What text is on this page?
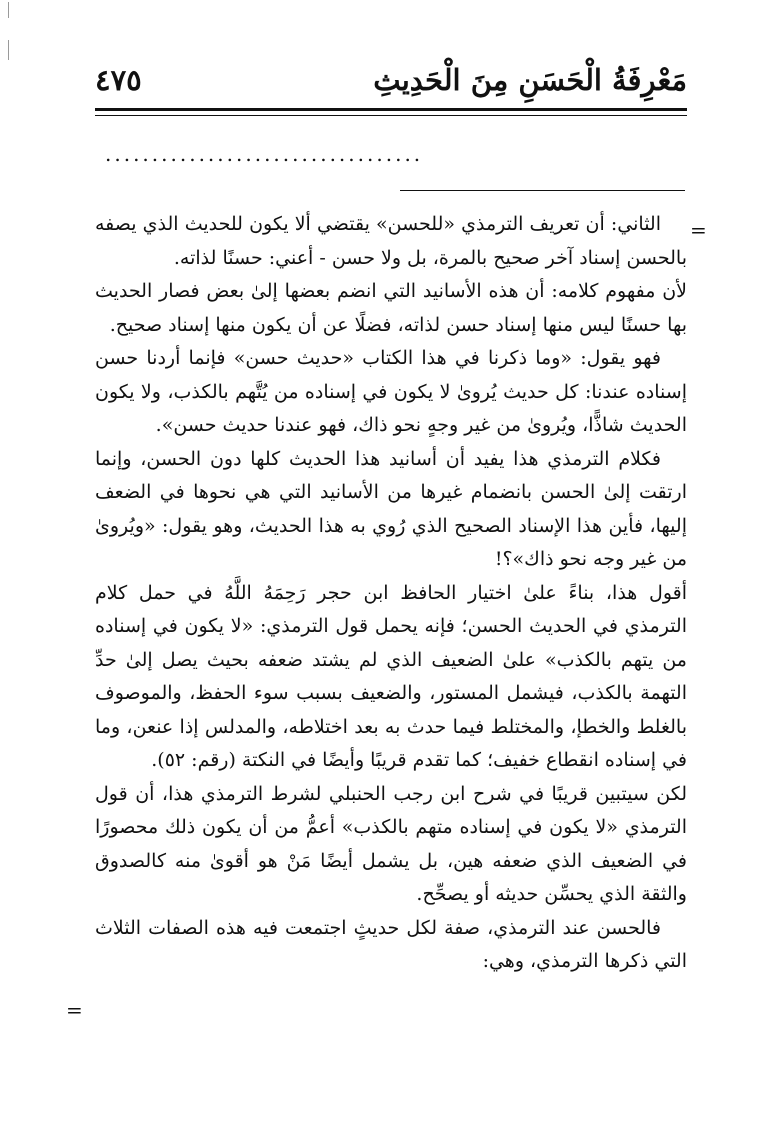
مَعْرِفَةُ الْحَسَنِ مِنَ الْحَدِيثِ
٤٧٥
..................................
=
=

الثاني: أن تعريف الترمذي «للحسن» يقتضي ألا يكون للحديث الذي يصفه بالحسن إسناد آخر صحيح بالمرة، بل ولا حسن - أعني: حسنًا لذاته.

لأن مفهوم كلامه: أن هذه الأسانيد التي انضم بعضها إلىٰ بعض فصار الحديث بها حسنًا ليس منها إسناد حسن لذاته، فضلًا عن أن يكون منها إسناد صحيح.

فهو يقول: «وما ذكرنا في هذا الكتاب «حديث حسن» فإنما أردنا حسن إسناده عندنا: كل حديث يُروىٰ لا يكون في إسناده من يُتَّهم بالكذب، ولا يكون الحديث شاذًّا، ويُروىٰ من غير وجهٍ نحو ذاك، فهو عندنا حديث حسن».

فكلام الترمذي هذا يفيد أن أسانيد هذا الحديث كلها دون الحسن، وإنما ارتقت إلىٰ الحسن بانضمام غيرها من الأسانيد التي هي نحوها في الضعف إليها، فأين هذا الإسناد الصحيح الذي رُوي به هذا الحديث، وهو يقول: «ويُروىٰ من غير وجه نحو ذاك»؟!

أقول هذا، بناءً علىٰ اختيار الحافظ ابن حجر رَحِمَهُ اللَّهُ في حمل كلام الترمذي في الحديث الحسن؛ فإنه يحمل قول الترمذي: «لا يكون في إسناده من يتهم بالكذب» علىٰ الضعيف الذي لم يشتد ضعفه بحيث يصل إلىٰ حدِّ التهمة بالكذب، فيشمل المستور، والضعيف بسبب سوء الحفظ، والموصوف بالغلط والخطإ، والمختلط فيما حدث به بعد اختلاطه، والمدلس إذا عنعن، وما في إسناده انقطاع خفيف؛ كما تقدم قريبًا وأيضًا في النكتة (رقم: ٥٢).

لكن سيتبين قريبًا في شرح ابن رجب الحنبلي لشرط الترمذي هذا، أن قول الترمذي «لا يكون في إسناده متهم بالكذب» أعمُّ من أن يكون ذلك محصورًا في الضعيف الذي ضعفه هين، بل يشمل أيضًا مَنْ هو أقوىٰ منه كالصدوق والثقة الذي يحسِّن حديثه أو يصحِّح.

فالحسن عند الترمذي، صفة لكل حديثٍ اجتمعت فيه هذه الصفات الثلاث التي ذكرها الترمذي، وهي:
